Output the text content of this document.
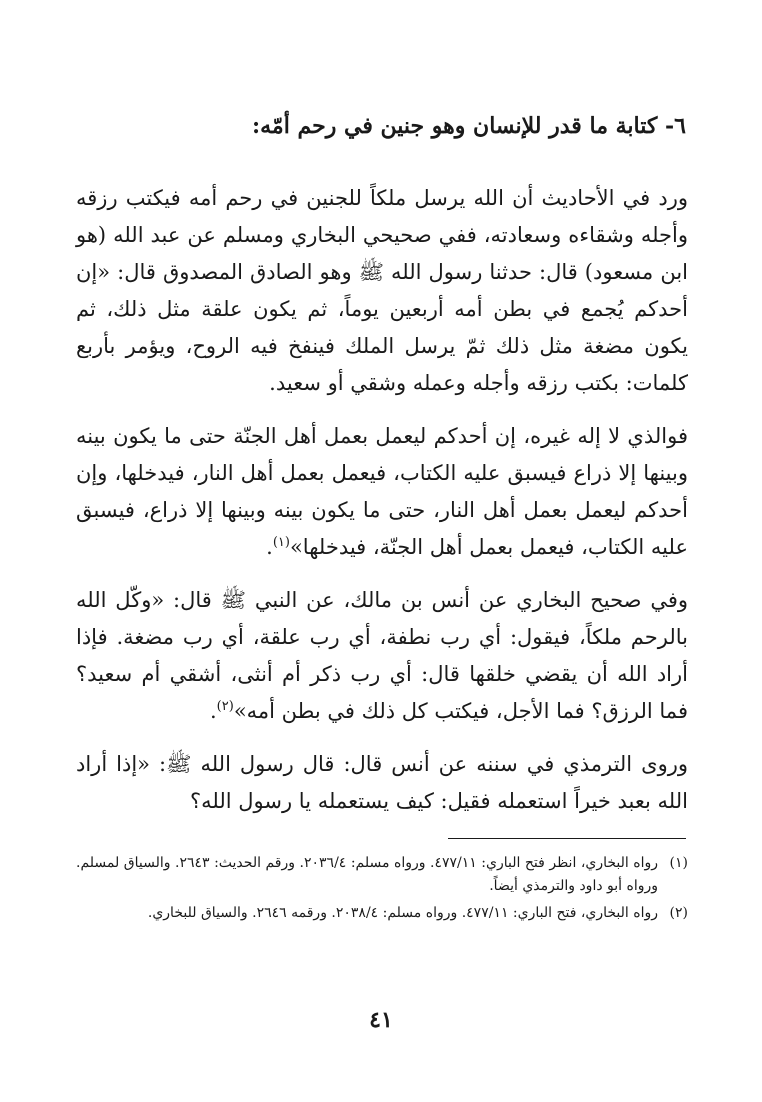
٦- كتابة ما قدر للإنسان وهو جنين في رحم أمّه:

ورد في الأحاديث أن الله يرسل ملكاً للجنين في رحم أمه فيكتب رزقه وأجله وشقاءه وسعادته، ففي صحيحي البخاري ومسلم عن عبد الله (هو ابن مسعود) قال: حدثنا رسول الله ﷺ وهو الصادق المصدوق قال: «إن أحدكم يُجمع في بطن أمه أربعين يوماً، ثم يكون علقة مثل ذلك، ثم يكون مضغة مثل ذلك ثمّ يرسل الملك فينفخ فيه الروح، ويؤمر بأربع كلمات: بكتب رزقه وأجله وعمله وشقي أو سعيد.

فوالذي لا إله غيره، إن أحدكم ليعمل بعمل أهل الجنّة حتى ما يكون بينه وبينها إلا ذراع فيسبق عليه الكتاب، فيعمل بعمل أهل النار، فيدخلها، وإن أحدكم ليعمل بعمل أهل النار، حتى ما يكون بينه وبينها إلا ذراع، فيسبق عليه الكتاب، فيعمل بعمل أهل الجنّة، فيدخلها»$^{(١)}$.

وفي صحيح البخاري عن أنس بن مالك، عن النبي ﷺ قال: «وكّل الله بالرحم ملكاً، فيقول: أي رب نطفة، أي رب علقة، أي رب مضغة. فإذا أراد الله أن يقضي خلقها قال: أي رب ذكر أم أنثى، أشقي أم سعيد؟ فما الرزق؟ فما الأجل، فيكتب كل ذلك في بطن أمه»$^{(٢)}$.

وروى الترمذي في سننه عن أنس قال: قال رسول الله ﷺ: «إذا أراد الله بعبد خيراً استعمله فقيل: كيف يستعمله يا رسول الله؟

(١)
رواه البخاري، انظر فتح الباري: ٤٧٧/١١. ورواه مسلم: ٢٠٣٦/٤. ورقم الحديث: ٢٦٤٣. والسياق لمسلم. ورواه أبو داود والترمذي أيضاً.
(٢)
رواه البخاري، فتح الباري: ٤٧٧/١١. ورواه مسلم: ٢٠٣٨/٤. ورقمه ٢٦٤٦. والسياق للبخاري.
٤١
